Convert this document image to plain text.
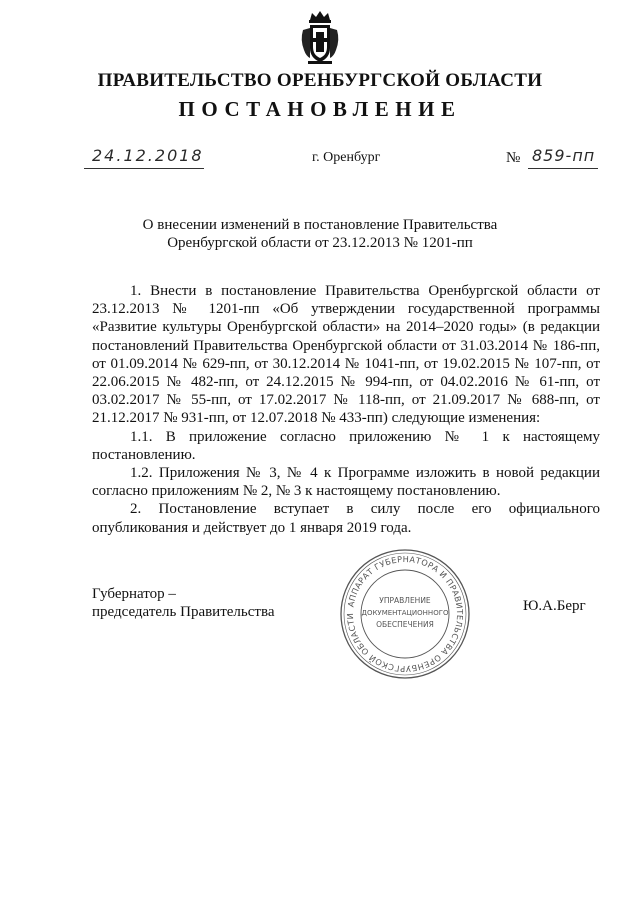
ПРАВИТЕЛЬСТВО ОРЕНБУРГСКОЙ ОБЛАСТИ
ПОСТАНОВЛЕНИЕ
24.12.2018	г. Оренбург	№ 859-пп
О внесении изменений в постановление Правительства
Оренбургской области от 23.12.2013 № 1201-пп

1. Внести в постановление Правительства Оренбургской области от 23.12.2013 № 1201-пп «Об утверждении государственной программы «Развитие культуры Оренбургской области» на 2014–2020 годы» (в редакции постановлений Правительства Оренбургской области от 31.03.2014 № 186-пп, от 01.09.2014 № 629-пп, от 30.12.2014 № 1041-пп, от 19.02.2015 № 107-пп, от 22.06.2015 № 482-пп, от 24.12.2015 № 994-пп, от 04.02.2016 № 61-пп, от 03.02.2017 № 55-пп, от 17.02.2017 № 118-пп, от 21.09.2017 № 688-пп, от 21.12.2017 № 931-пп, от 12.07.2018 № 433-пп) следующие изменения:

1.1. В приложение согласно приложению № 1 к настоящему постановлению.

1.2. Приложения № 3, № 4 к Программе изложить в новой редакции согласно приложениям № 2, № 3 к настоящему постановлению.

2. Постановление вступает в силу после его официального опубликования и действует до 1 января 2019 года.

Губернатор –
председатель Правительства	Ю.А.Берг
АППАРАТ ГУБЕРНАТОРА И ПРАВИТЕЛЬСТВА ОРЕНБУРГСКОЙ ОБЛАСТИ
УПРАВЛЕНИЕ
ДОКУМЕНТАЦИОННОГО
ОБЕСПЕЧЕНИЯ
